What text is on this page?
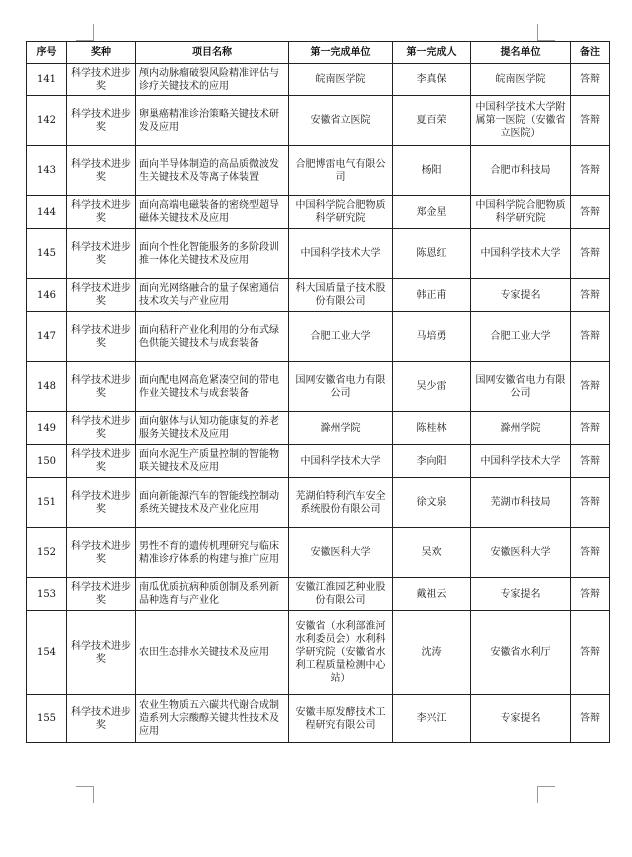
序号	奖种	项目名称	第一完成单位	第一完成人	提名单位	备注
141	科学技术进步奖	颅内动脉瘤破裂风险精准评估与诊疗关键技术的应用	皖南医学院	李真保	皖南医学院	答辩
142	科学技术进步奖	卵巢癌精准诊治策略关键技术研发及应用	安徽省立医院	夏百荣	中国科学技术大学附属第一医院（安徽省立医院）	答辩
143	科学技术进步奖	面向半导体制造的高品质微波发生关键技术及等离子体装置	合肥博雷电气有限公司	杨阳	合肥市科技局	答辩
144	科学技术进步奖	面向高端电磁装备的密绕型超导磁体关键技术及应用	中国科学院合肥物质科学研究院	郑金星	中国科学院合肥物质科学研究院	答辩
145	科学技术进步奖	面向个性化智能服务的多阶段训推一体化关键技术及应用	中国科学技术大学	陈恩红	中国科学技术大学	答辩
146	科学技术进步奖	面向光网络融合的量子保密通信技术攻关与产业应用	科大国盾量子技术股份有限公司	韩正甫	专家提名	答辩
147	科学技术进步奖	面向秸秆产业化利用的分布式绿色供能关键技术与成套装备	合肥工业大学	马培勇	合肥工业大学	答辩
148	科学技术进步奖	面向配电网高危紧凑空间的带电作业关键技术与成套装备	国网安徽省电力有限公司	吴少雷	国网安徽省电力有限公司	答辩
149	科学技术进步奖	面向躯体与认知功能康复的养老服务关键技术及应用	滁州学院	陈桂林	滁州学院	答辩
150	科学技术进步奖	面向水泥生产质量控制的智能物联关键技术及应用	中国科学技术大学	李向阳	中国科学技术大学	答辩
151	科学技术进步奖	面向新能源汽车的智能线控制动系统关键技术及产业化应用	芜湖伯特利汽车安全系统股份有限公司	徐文泉	芜湖市科技局	答辩
152	科学技术进步奖	男性不育的遗传机理研究与临床精准诊疗体系的构建与推广应用	安徽医科大学	吴欢	安徽医科大学	答辩
153	科学技术进步奖	南瓜优质抗病种质创制及系列新品种选育与产业化	安徽江淮园艺种业股份有限公司	戴祖云	专家提名	答辩
154	科学技术进步奖	农田生态排水关键技术及应用	安徽省（水利部淮河水利委员会）水利科学研究院（安徽省水利工程质量检测中心站）	沈涛	安徽省水利厅	答辩
155	科学技术进步奖	农业生物质五六碳共代谢合成制造系列大宗酸醇关键共性技术及应用	安徽丰原发酵技术工程研究有限公司	李兴江	专家提名	答辩
